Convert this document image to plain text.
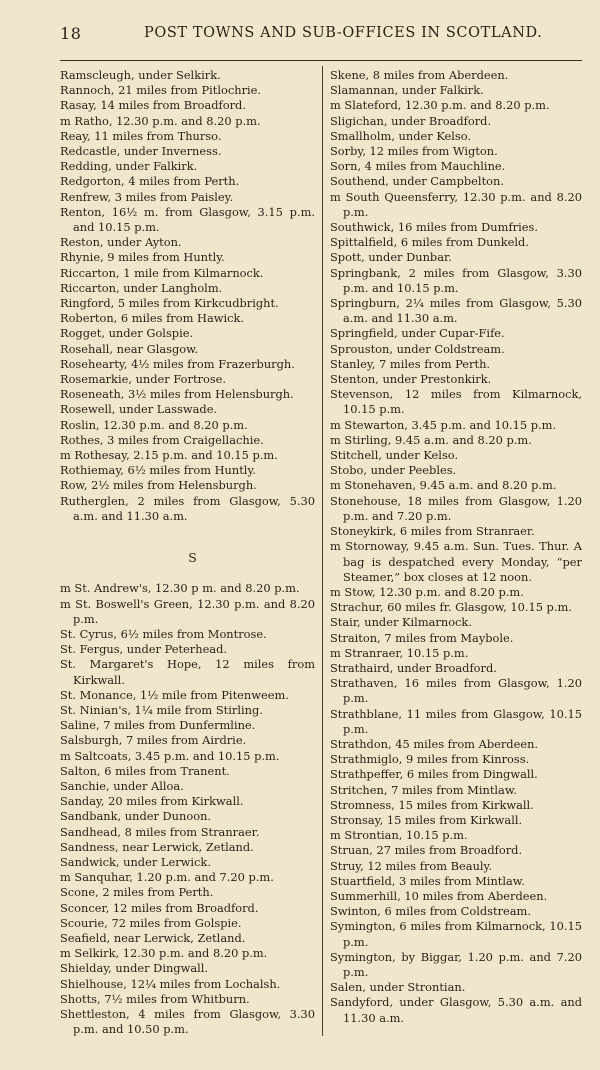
18	POST TOWNS AND SUB-OFFICES IN SCOTLAND.
Ramscleugh, under Selkirk.
Rannoch, 21 miles from Pitlochrie.
Rasay, 14 miles from Broadford.
m Ratho, 12.30 p.m. and 8.20 p.m.
Reay, 11 miles from Thurso.
Redcastle, under Inverness.
Redding, under Falkirk.
Redgorton, 4 miles from Perth.
Renfrew, 3 miles from Paisley.
Renton, 16½ m. from Glasgow, 3.15 p.m. and 10.15 p.m.
Reston, under Ayton.
Rhynie, 9 miles from Huntly.
Riccarton, 1 mile from Kilmarnock.
Riccarton, under Langholm.
Ringford, 5 miles from Kirkcudbright.
Roberton, 6 miles from Hawick.
Rogget, under Golspie.
Rosehall, near Glasgow.
Rosehearty, 4½ miles from Frazerburgh.
Rosemarkie, under Fortrose.
Roseneath, 3½ miles from Helensburgh.
Rosewell, under Lasswade.
Roslin, 12.30 p.m. and 8.20 p.m.
Rothes, 3 miles from Craigellachie.
m Rothesay, 2.15 p.m. and 10.15 p.m.
Rothiemay, 6½ miles from Huntly.
Row, 2½ miles from Helensburgh.
Rutherglen, 2 miles from Glasgow, 5.30 a.m. and 11.30 a.m.
S
m St. Andrew's, 12.30 p m. and 8.20 p.m.
m St. Boswell's Green, 12.30 p.m. and 8.20 p.m.
St. Cyrus, 6½ miles from Montrose.
St. Fergus, under Peterhead.
St. Margaret's Hope, 12 miles from Kirkwall.
St. Monance, 1½ mile from Pitenweem.
St. Ninian's, 1¼ mile from Stirling.
Saline, 7 miles from Dunfermline.
Salsburgh, 7 miles from Airdrie.
m Saltcoats, 3.45 p.m. and 10.15 p.m.
Salton, 6 miles from Tranent.
Sanchie, under Alloa.
Sanday, 20 miles from Kirkwall.
Sandbank, under Dunoon.
Sandhead, 8 miles from Stranraer.
Sandness, near Lerwick, Zetland.
Sandwick, under Lerwick.
m Sanquhar, 1.20 p.m. and 7.20 p.m.
Scone, 2 miles from Perth.
Sconcer, 12 miles from Broadford.
Scourie, 72 miles from Golspie.
Seafield, near Lerwick, Zetland.
m Selkirk, 12.30 p.m. and 8.20 p.m.
Shielday, under Dingwall.
Shielhouse, 12¼ miles from Lochalsh.
Shotts, 7½ miles from Whitburn.
Shettleston, 4 miles from Glasgow, 3.30 p.m. and 10.50 p.m.
Skene, 8 miles from Aberdeen.
Slamannan, under Falkirk.
m Slateford, 12.30 p.m. and 8.20 p.m.
Sligichan, under Broadford.
Smallholm, under Kelso.
Sorby, 12 miles from Wigton.
Sorn, 4 miles from Mauchline.
Southend, under Campbelton.
m South Queensferry, 12.30 p.m. and 8.20 p.m.
Southwick, 16 miles from Dumfries.
Spittalfield, 6 miles from Dunkeld.
Spott, under Dunbar.
Springbank, 2 miles from Glasgow, 3.30 p.m. and 10.15 p.m.
Springburn, 2¼ miles from Glasgow, 5.30 a.m. and 11.30 a.m.
Springfield, under Cupar-Fife.
Sprouston, under Coldstream.
Stanley, 7 miles from Perth.
Stenton, under Prestonkirk.
Stevenson, 12 miles from Kilmarnock, 10.15 p.m.
m Stewarton, 3.45 p.m. and 10.15 p.m.
m Stirling, 9.45 a.m. and 8.20 p.m.
Stitchell, under Kelso.
Stobo, under Peebles.
m Stonehaven, 9.45 a.m. and 8.20 p.m.
Stonehouse, 18 miles from Glasgow, 1.20 p.m. and 7.20 p.m.
Stoneykirk, 6 miles from Stranraer.
m Stornoway, 9.45 a.m. Sun. Tues. Thur. A bag is despatched every Monday, “per Steamer,” box closes at 12 noon.
m Stow, 12.30 p.m. and 8.20 p.m.
Strachur, 60 miles fr. Glasgow, 10.15 p.m.
Stair, under Kilmarnock.
Straiton, 7 miles from Maybole.
m Stranraer, 10.15 p.m.
Strathaird, under Broadford.
Strathaven, 16 miles from Glasgow, 1.20 p.m.
Strathblane, 11 miles from Glasgow, 10.15 p.m.
Strathdon, 45 miles from Aberdeen.
Strathmiglo, 9 miles from Kinross.
Strathpeffer, 6 miles from Dingwall.
Stritchen, 7 miles from Mintlaw.
Stromness, 15 miles from Kirkwall.
Stronsay, 15 miles from Kirkwall.
m Strontian, 10.15 p.m.
Struan, 27 miles from Broadford.
Struy, 12 miles from Beauly.
Stuartfield, 3 miles from Mintlaw.
Summerhill, 10 miles from Aberdeen.
Swinton, 6 miles from Coldstream.
Symington, 6 miles from Kilmarnock, 10.15 p.m.
Symington, by Biggar, 1.20 p.m. and 7.20 p.m.
Salen, under Strontian.
Sandyford, under Glasgow, 5.30 a.m. and 11.30 a.m.
